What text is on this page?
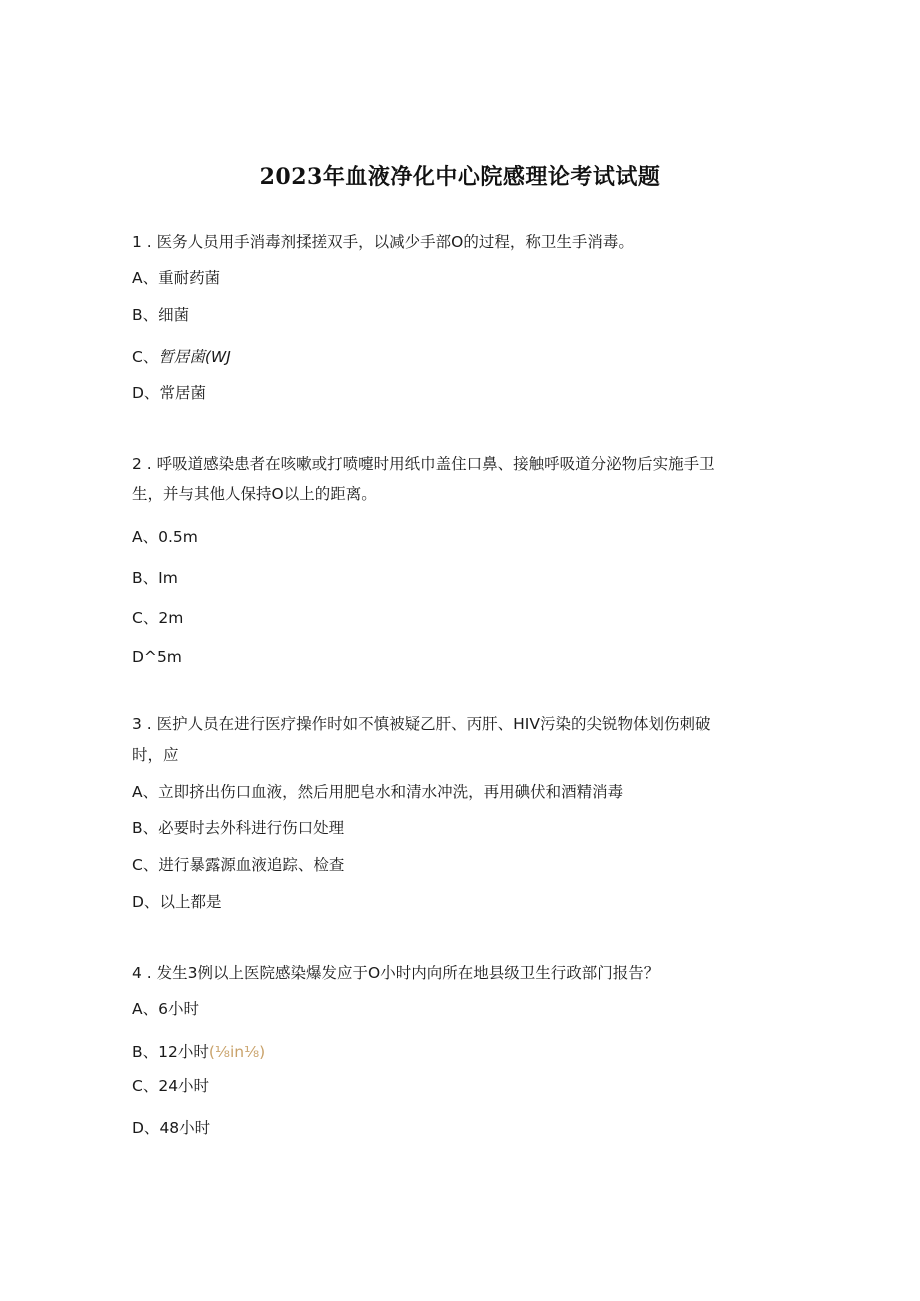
2023年血液净化中心院感理论考试试题
1 . 医务人员用手消毒剂揉搓双手，以减少手部O的过程，称卫生手消毒。
A、重耐药菌
B、细菌
C、暂居菌(WJ
D、常居菌
2 . 呼吸道感染患者在咳嗽或打喷嚏时用纸巾盖住口鼻、接触呼吸道分泌物后实施手卫
生，并与其他人保持O以上的距离。
A、0.5m
B、Im
C、2m
D^5m
3 . 医护人员在进行医疗操作时如不慎被疑乙肝、丙肝、HIV污染的尖锐物体划伤刺破
时，应
A、立即挤出伤口血液，然后用肥皂水和清水冲洗，再用碘伏和酒精消毒
B、必要时去外科进行伤口处理
C、进行暴露源血液追踪、检查
D、以上都是
4 . 发生3例以上医院感染爆发应于O小时内向所在地县级卫生行政部门报告？
A、6小时
B、12小时(⅛in⅛)
C、24小时
D、48小时
